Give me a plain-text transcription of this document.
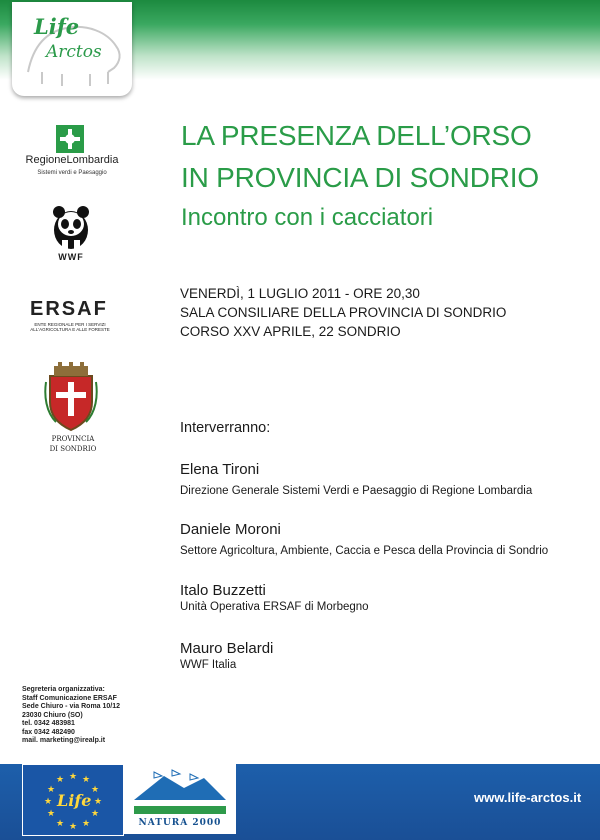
Life
Arctos
RegioneLombardia
Sistemi verdi e Paesaggio
WWF
ERSAF
ENTE REGIONALE PER I SERVIZI ALL'AGRICOLTURA E ALLE FORESTE
PROVINCIA
DI SONDRIO
LA PRESENZA DELL’ORSO
IN PROVINCIA DI SONDRIO
Incontro con i cacciatori
VENERDÌ, 1 LUGLIO 2011 - ORE 20,30
SALA CONSILIARE DELLA PROVINCIA DI SONDRIO
CORSO XXV APRILE, 22 SONDRIO
Interverranno:
Elena Tironi
Direzione Generale Sistemi Verdi e Paesaggio di Regione Lombardia
Daniele Moroni
Settore Agricoltura, Ambiente, Caccia e Pesca della Provincia di Sondrio
Italo Buzzetti
Unità Operativa ERSAF di Morbegno
Mauro Belardi
WWF Italia
Segreteria organizzativa:
Staff Comunicazione ERSAF
Sede Chiuro - via Roma 10/12
23030 Chiuro (SO)
tel. 0342 483981
fax 0342 482490
mail. marketing@irealp.it
★ ★
★
★
★
★
★
★
★
★
★
★
Life
NATURA 2000
www.life-arctos.it
